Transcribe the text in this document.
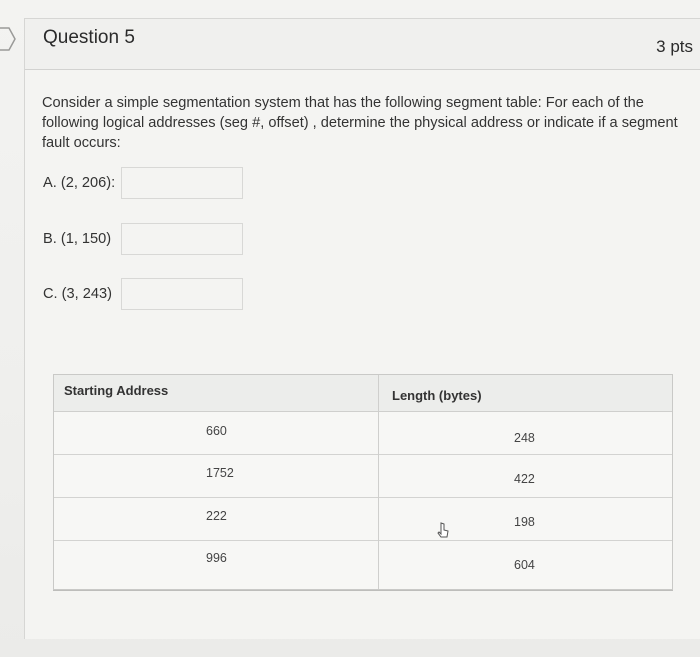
Question 5	3 pts
Consider a simple segmentation system that has the following segment table: For each of the following logical addresses (seg #, offset) , determine the physical address or indicate if a segment fault occurs:
A. (2, 206):
B. (1, 150)
C. (3, 243)
Starting Address	Length (bytes)
660	248
1752	422
222	198
996	604
